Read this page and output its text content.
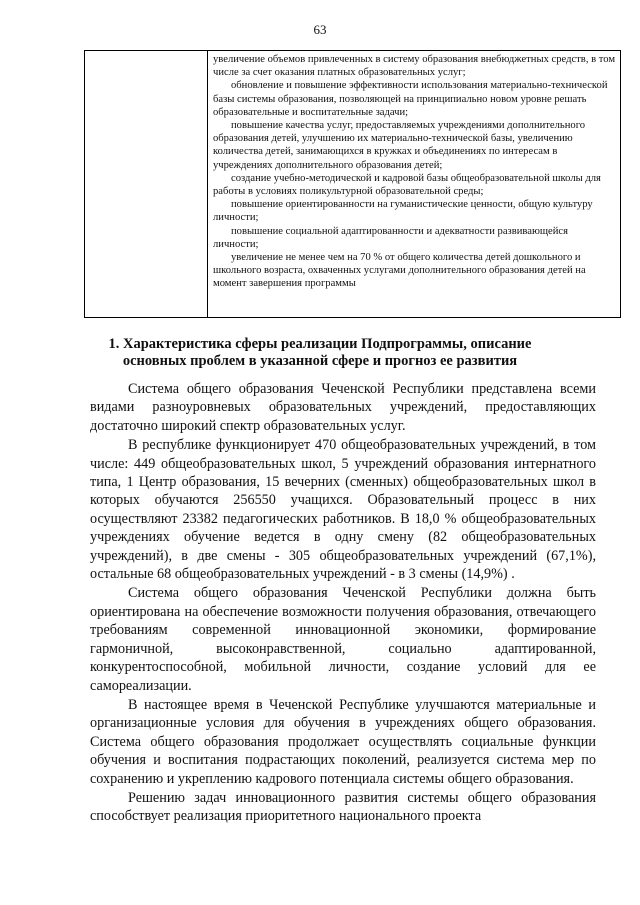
63

увеличение объемов привлеченных в систему образования внебюджетных средств, в том числе за счет оказания платных образовательных услуг;

обновление и повышение эффективности использования материально-технической базы системы образования, позволяющей на принципиально новом уровне решать образовательные и воспитательные задачи;

повышение качества услуг, предоставляемых учреждениями дополнительного образования детей, улучшению их материально-технической базы, увеличению количества детей, занимающихся в кружках и объединениях по интересам в учреждениях дополнительного образования детей;

создание учебно-методической и кадровой базы общеобразовательной школы для работы в условиях поликультурной образовательной среды;

повышение ориентированности на гуманистические ценности, общую культуру личности;

повышение социальной адаптированности и адекватности развивающейся личности;

увеличение не менее чем на 70 % от общего количества детей дошкольного и школьного возраста, охваченных услугами дополнительного образования детей на момент завершения программы

1. Характеристика сферы реализации Подпрограммы, описание
основных проблем в указанной сфере и прогноз ее развития

Система общего образования Чеченской Республики представлена всеми видами разноуровневых образовательных учреждений, предоставляющих достаточно широкий спектр образовательных услуг.

В республике функционирует 470 общеобразовательных учреждений, в том числе: 449 общеобразовательных школ, 5 учреждений образования интернатного типа, 1 Центр образования, 15 вечерних (сменных) общеобразовательных школ в которых обучаются 256550 учащихся. Образовательный процесс в них осуществляют 23382 педагогических работников. В 18,0 % общеобразовательных учреждениях обучение ведется в одну смену (82 общеобразовательных учреждений), в две смены - 305 общеобразовательных учреждений (67,1%), остальные 68 общеобразовательных учреждений - в 3 смены (14,9%) .

Система общего образования Чеченской Республики должна быть ориентирована на обеспечение возможности получения образования, отвечающего требованиям современной инновационной экономики, формирование гармоничной, высоконравственной, социально адаптированной, конкурентоспособной, мобильной личности, создание условий для ее самореализации.

В настоящее время в Чеченской Республике улучшаются материальные и организационные условия для обучения в учреждениях общего образования. Система общего образования продолжает осуществлять социальные функции обучения и воспитания подрастающих поколений, реализуется система мер по сохранению и укреплению кадрового потенциала системы общего образования.

Решению задач инновационного развития системы общего образования способствует реализация приоритетного национального проекта
